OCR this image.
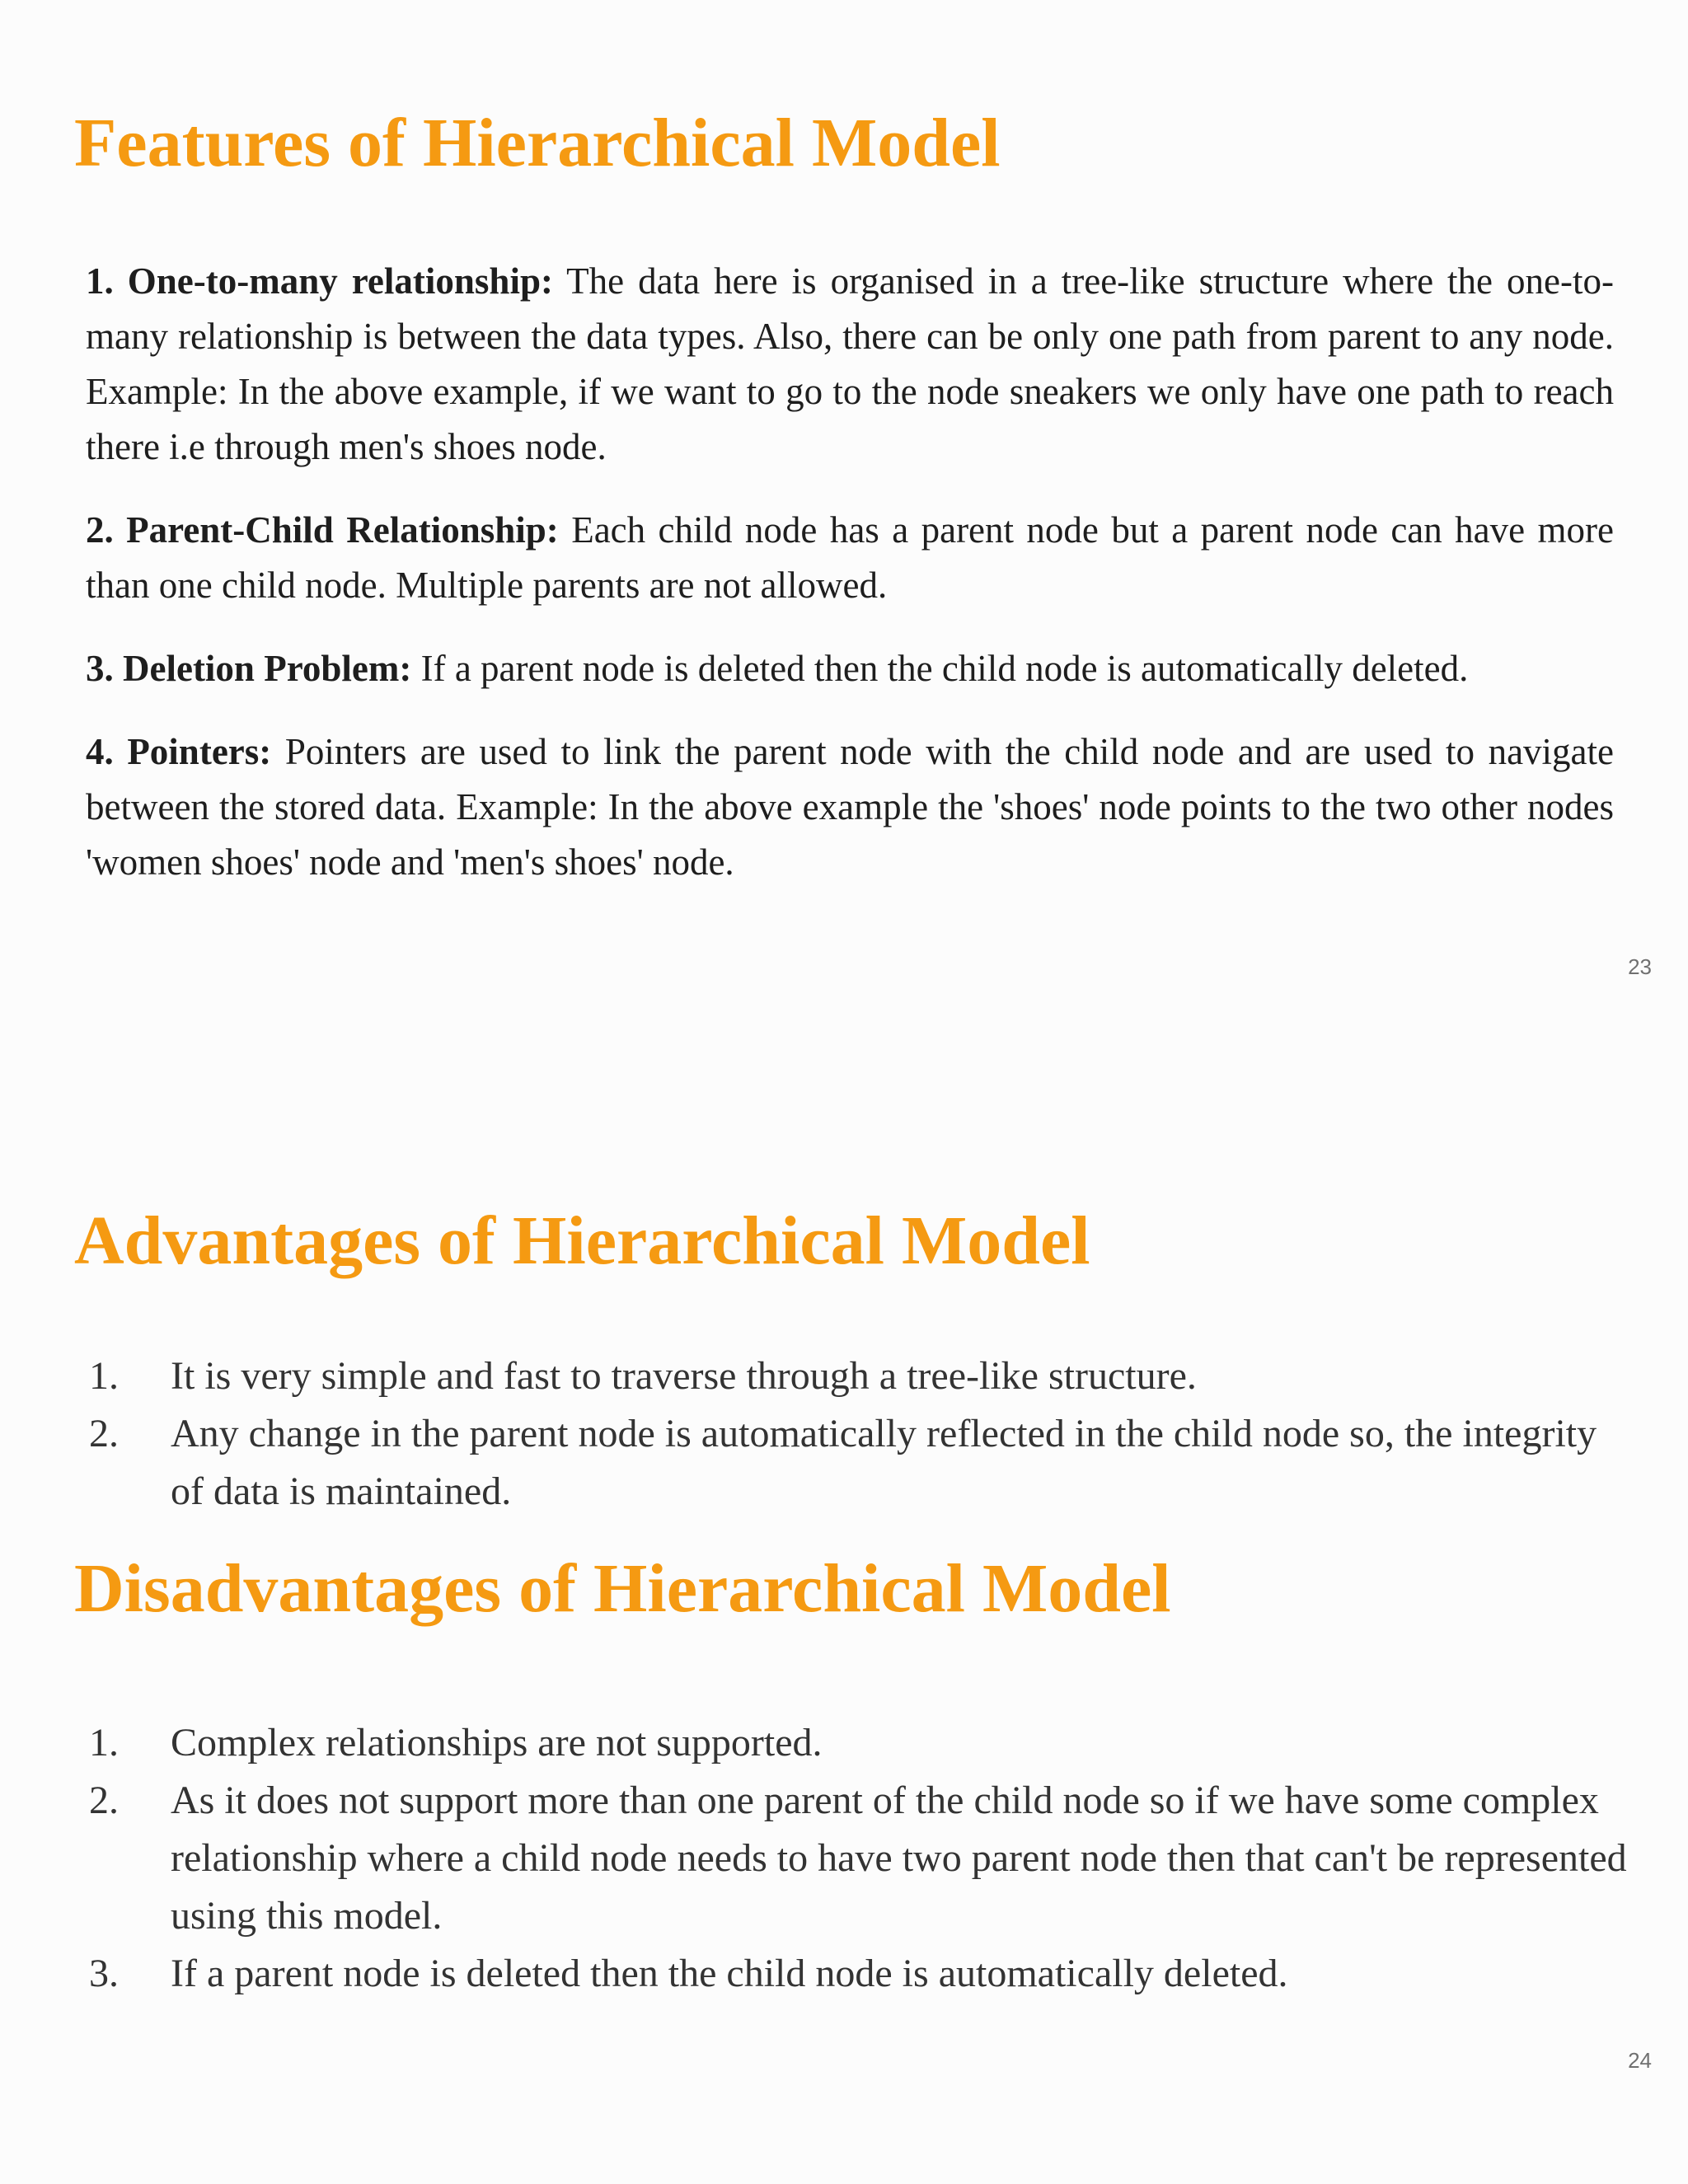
Features of Hierarchical Model

1. One-to-many relationship: The data here is organised in a tree-like structure where the one-to-many relationship is between the data types. Also, there can be only one path from parent to any node. Example: In the above example, if we want to go to the node sneakers we only have one path to reach there i.e through men's shoes node.

2. Parent-Child Relationship: Each child node has a parent node but a parent node can have more than one child node. Multiple parents are not allowed.

3. Deletion Problem: If a parent node is deleted then the child node is automatically deleted.

4. Pointers: Pointers are used to link the parent node with the child node and are used to navigate between the stored data. Example: In the above example the 'shoes' node points to the two other nodes 'women shoes' node and 'men's shoes' node.

23
Advantages of Hierarchical Model
1. It is very simple and fast to traverse through a tree-like structure.
2. Any change in the parent node is automatically reflected in the child node so, the integrity of data is maintained.
Disadvantages of Hierarchical Model
1. Complex relationships are not supported.
2. As it does not support more than one parent of the child node so if we have some complex relationship where a child node needs to have two parent node then that can't be represented using this model.
3. If a parent node is deleted then the child node is automatically deleted.
24
